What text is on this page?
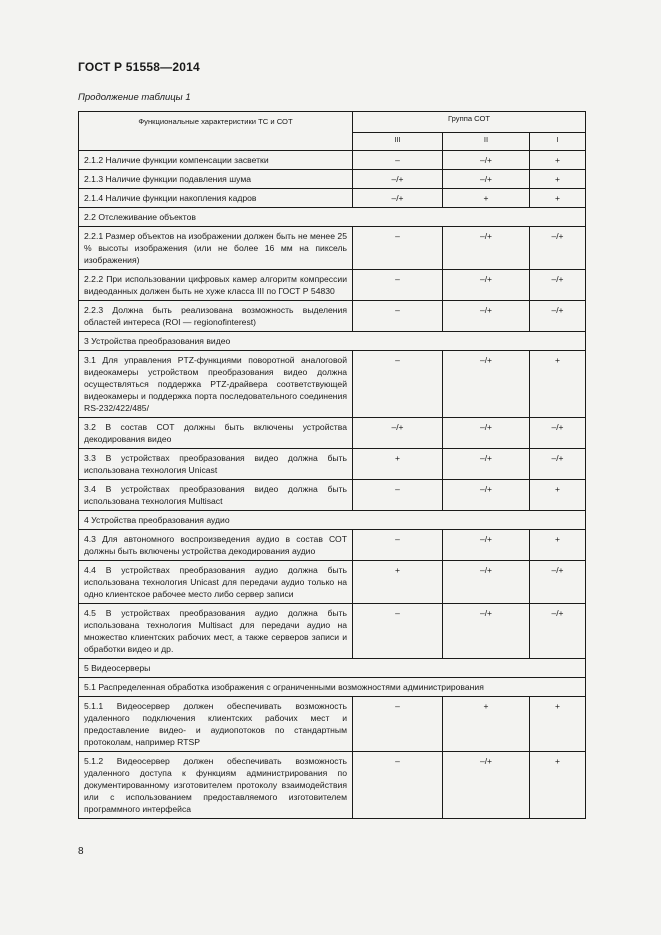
ГОСТ Р 51558—2014
Продолжение таблицы 1
Функциональные характеристики ТС и СОТ	Группа СОТ		
	III	II	I
2.1.2 Наличие функции компенсации засветки	–	–/+	+
2.1.3 Наличие функции подавления шума	–/+	–/+	+
2.1.4 Наличие функции накопления кадров	–/+	+	+
2.2 Отслеживание объектов			
2.2.1 Размер объектов на изображении должен быть не менее 25 % высоты изображения (или не более 16 мм на пиксель изображения)	–	–/+	–/+
2.2.2 При использовании цифровых камер алгоритм компрессии видеоданных должен быть не хуже класса III по ГОСТ Р 54830	–	–/+	–/+
2.2.3 Должна быть реализована возможность выделения областей интереса (ROI — regionofinterest)	–	–/+	–/+
3 Устройства преобразования видео			
3.1 Для управления PTZ-функциями поворотной аналоговой видеокамеры устройством преобразования видео должна осуществляться поддержка PTZ-драйвера соответствующей видеокамеры и поддержка порта последовательного соединения RS-232/422/485/	–	–/+	+
3.2 В состав СОТ должны быть включены устройства декодирования видео	–/+	–/+	–/+
3.3 В устройствах преобразования видео должна быть использована технология Unicast	+	–/+	–/+
3.4 В устройствах преобразования видео должна быть использована технология Multisact	–	–/+	+
4 Устройства преобразования аудио			
4.3 Для автономного воспроизведения аудио в состав СОТ должны быть включены устройства декодирования аудио	–	–/+	+
4.4 В устройствах преобразования аудио должна быть использована технология Unicast для передачи аудио только на одно клиентское рабочее место либо сервер записи	+	–/+	–/+
4.5 В устройствах преобразования аудио должна быть использована технология Multisact для передачи аудио на множество клиентских рабочих мест, а также серверов записи и обработки видео и др.	–	–/+	–/+
5 Видеосерверы			
5.1 Распределенная обработка изображения с ограниченными возможностями администрирования			
5.1.1 Видеосервер должен обеспечивать возможность удаленного подключения клиентских рабочих мест и предоставление видео- и аудиопотоков по стандартным протоколам, например RTSP	–	+	+
5.1.2 Видеосервер должен обеспечивать возможность удаленного доступа к функциям администрирования по документированному изготовителем протоколу взаимодействия или с использованием предоставляемого изготовителем программного интерфейса	–	–/+	+
8
